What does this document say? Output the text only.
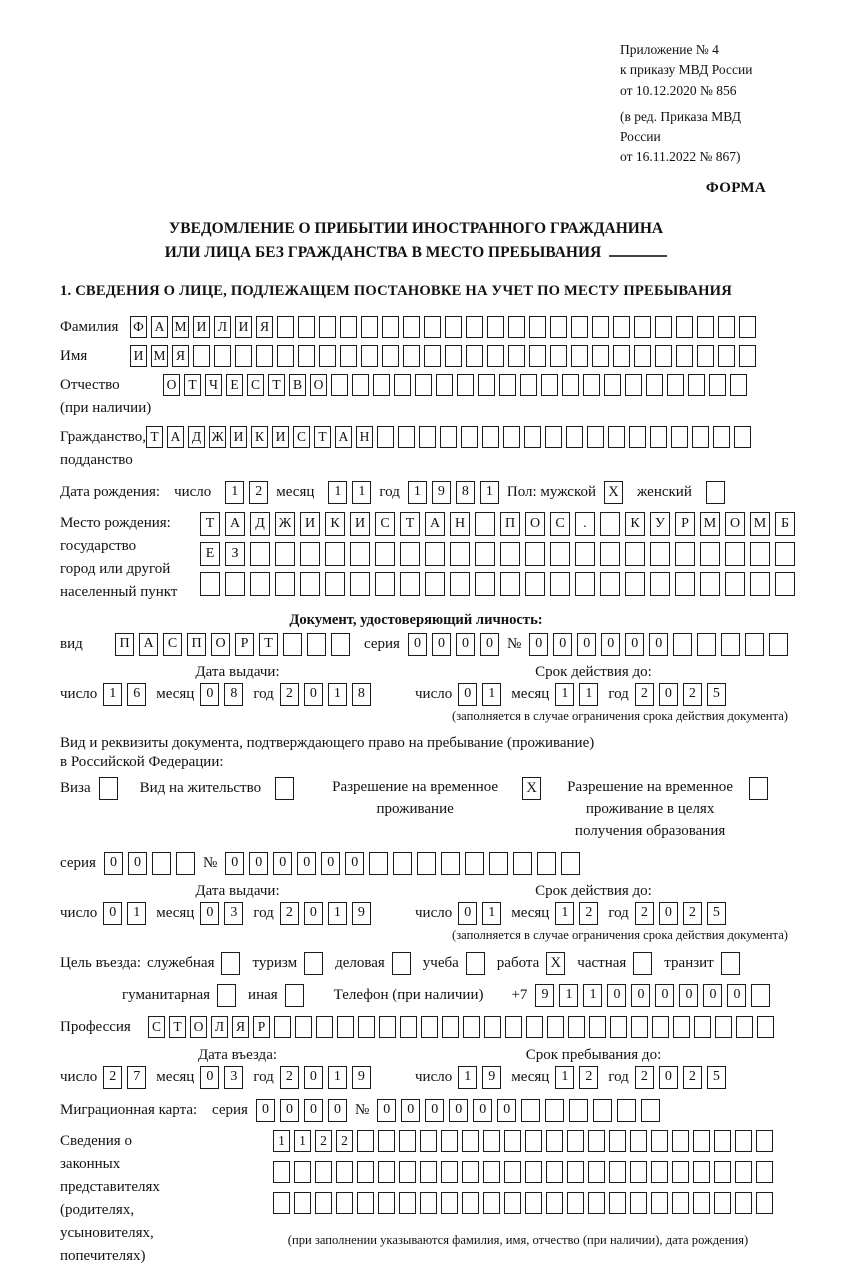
Приложение № 4
к приказу МВД России
от 10.12.2020 № 856
(в ред. Приказа МВД России
от 16.11.2022 № 867)
ФОРМА
УВЕДОМЛЕНИЕ О ПРИБЫТИИ ИНОСТРАННОГО ГРАЖДАНИНА
ИЛИ ЛИЦА БЕЗ ГРАЖДАНСТВА В МЕСТО ПРЕБЫВАНИЯ
1. СВЕДЕНИЯ О ЛИЦЕ, ПОДЛЕЖАЩЕМ ПОСТАНОВКЕ НА УЧЕТ ПО МЕСТУ ПРЕБЫВАНИЯ
Фамилия	Ф А М И Л И Я
Имя	И М Я
Отчество
(при наличии)
О Т Ч Е С Т В О
Гражданство,
подданство
Т А Д Ж И К И С Т А Н
Дата рождения: число	1	2 месяц	1	1 год	1	9	8	1 Пол: мужской X женский
Место рождения:
государство
город или другой
населенный пункт
Т	А	Д Ж И	К	И	С	Т	А	Н	П	О	С	.	К	У	Р	М О М	Б
Е	З
Документ, удостоверяющий личность:
вид	П А	С	П О	Р	Т	серия	0	0	0	0 №	0	0	0	0	0	0
Дата выдачи:	Срок действия до:
число 1	6	месяц 0	8	год 2	0	1	8	число 0	1	месяц 1	1	год 2	0	2	5
(заполняется в случае ограничения срока действия документа)
Вид и реквизиты документа, подтверждающего право на пребывание (проживание)
в Российской Федерации:
Виза	Вид на жительство	Разрешение на временное проживание
X	Разрешение на временное проживание в целях получения образования
серия	0	0	№	0	0	0	0	0	0
Дата выдачи:	Срок действия до:
число 0	1	месяц 0	3	год 2	0	1	9	число 0	1	месяц 1	2	год 2	0	2	5
(заполняется в случае ограничения срока действия документа)
Цель въезда: служебная	туризм	деловая	учеба	работа X частная	транзит
гуманитарная	иная	Телефон (при наличии) +7	9	1	1	0	0	0	0	0	0
Профессия	С Т О Л Я Р
Дата въезда:	Срок пребывания до:
число 2	7	месяц 0	3	год 2	0	1	9	число 1	9	месяц 1	2	год 2	0	2	5
Миграционная карта: серия	0	0	0	0 №	0	0	0	0	0	0
Сведения о
законных
представителях
(родителях,
усыновителях,
попечителях)
1	1	2	2
(при заполнении указываются фамилия, имя, отчество (при наличии), дата рождения)
